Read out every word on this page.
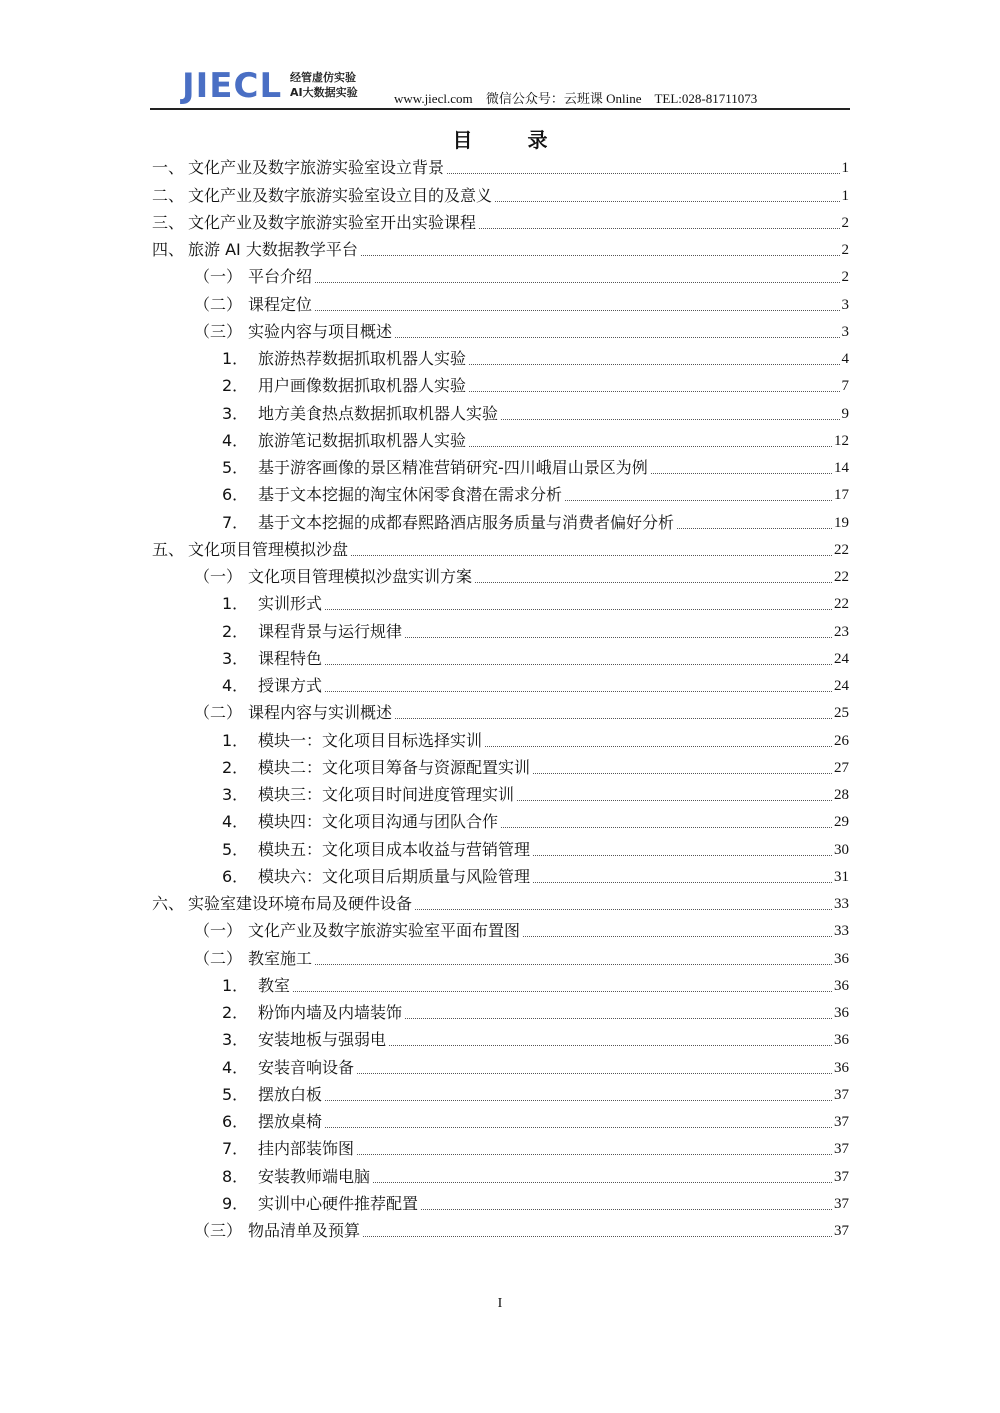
JIECL 经管虚仿实验
AI大数据实验	www.jiecl.com 微信公众号：云班课 Online TEL:028-81711073
目 录
一、 文化产业及数字旅游实验室设立背景	1
二、 文化产业及数字旅游实验室设立目的及意义	1
三、 文化产业及数字旅游实验室开出实验课程	2
四、 旅游 AI 大数据教学平台	2
（一） 平台介绍	2
（二） 课程定位	3
（三） 实验内容与项目概述	3
1． 旅游热荐数据抓取机器人实验	4
2． 用户画像数据抓取机器人实验	7
3． 地方美食热点数据抓取机器人实验	9
4． 旅游笔记数据抓取机器人实验	12
5． 基于游客画像的景区精准营销研究-四川峨眉山景区为例	14
6． 基于文本挖掘的淘宝休闲零食潜在需求分析	17
7． 基于文本挖掘的成都春熙路酒店服务质量与消费者偏好分析	19
五、 文化项目管理模拟沙盘	22
（一） 文化项目管理模拟沙盘实训方案	22
1． 实训形式	22
2． 课程背景与运行规律	23
3． 课程特色	24
4． 授课方式	24
（二） 课程内容与实训概述	25
1． 模块一：文化项目目标选择实训	26
2． 模块二：文化项目筹备与资源配置实训	27
3． 模块三：文化项目时间进度管理实训	28
4． 模块四：文化项目沟通与团队合作	29
5． 模块五：文化项目成本收益与营销管理	30
6． 模块六：文化项目后期质量与风险管理	31
六、 实验室建设环境布局及硬件设备	33
（一） 文化产业及数字旅游实验室平面布置图	33
（二） 教室施工	36
1． 教室	36
2． 粉饰内墙及内墙装饰	36
3． 安装地板与强弱电	36
4． 安装音响设备	36
5． 摆放白板	37
6． 摆放桌椅	37
7． 挂内部装饰图	37
8． 安装教师端电脑	37
9． 实训中心硬件推荐配置	37
（三） 物品清单及预算	37
I
